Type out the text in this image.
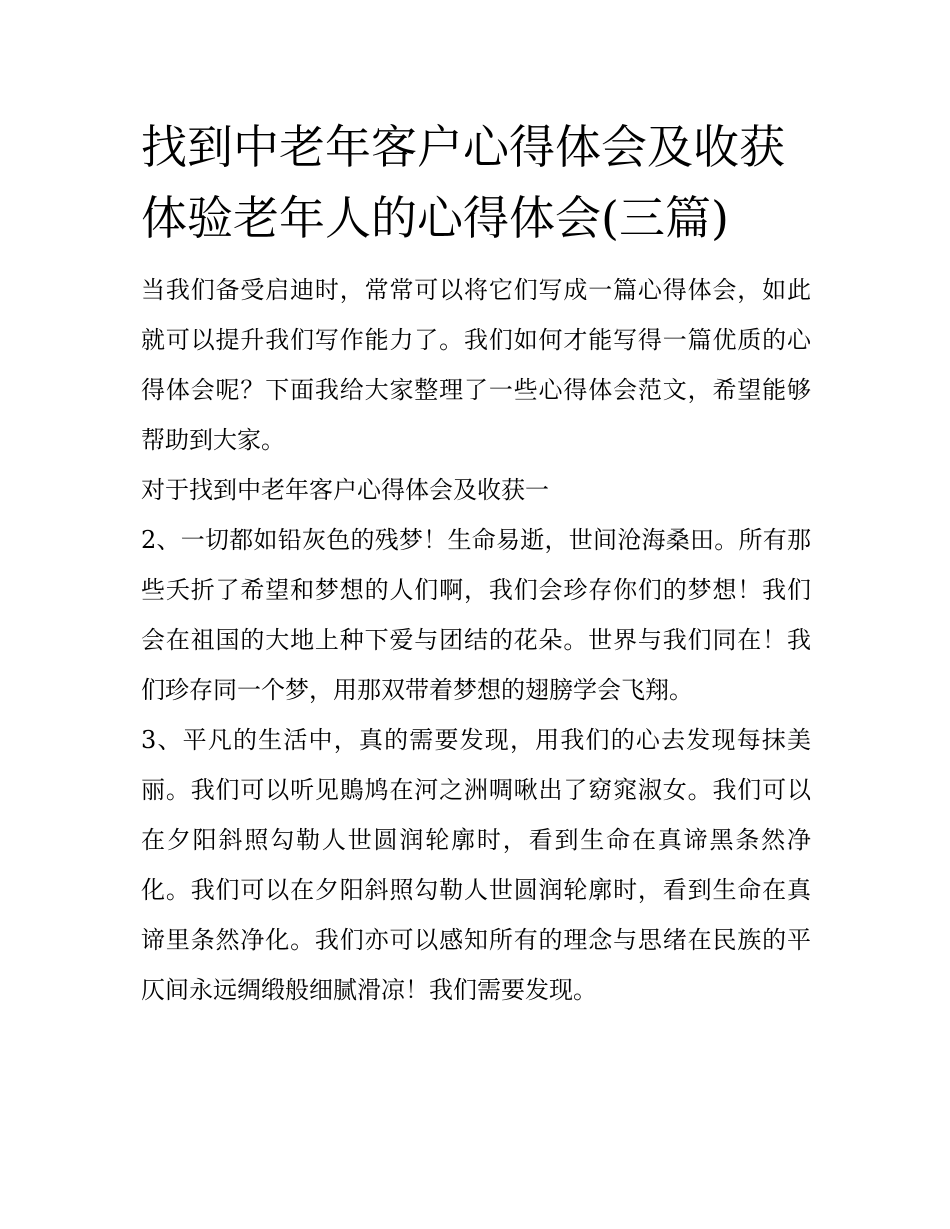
找到中老年客户心得体会及收获 体验老年人的心得体会(三篇)

当我们备受启迪时，常常可以将它们写成一篇心得体会，如此就可以提升我们写作能力了。我们如何才能写得一篇优质的心得体会呢？下面我给大家整理了一些心得体会范文，希望能够帮助到大家。

对于找到中老年客户心得体会及收获一

2、一切都如铅灰色的残梦！生命易逝，世间沧海桑田。所有那些夭折了希望和梦想的人们啊，我们会珍存你们的梦想！我们会在祖国的大地上种下爱与团结的花朵。世界与我们同在！我们珍存同一个梦，用那双带着梦想的翅膀学会飞翔。

3、平凡的生活中，真的需要发现，用我们的心去发现每抹美丽。我们可以听见鵙鸠在河之洲啁啾出了窈窕淑女。我们可以在夕阳斜照勾勒人世圆润轮廓时，看到生命在真谛黑条然净化。我们可以在夕阳斜照勾勒人世圆润轮廓时，看到生命在真谛里条然净化。我们亦可以感知所有的理念与思绪在民族的平仄间永远绸缎般细腻滑凉！我们需要发现。
